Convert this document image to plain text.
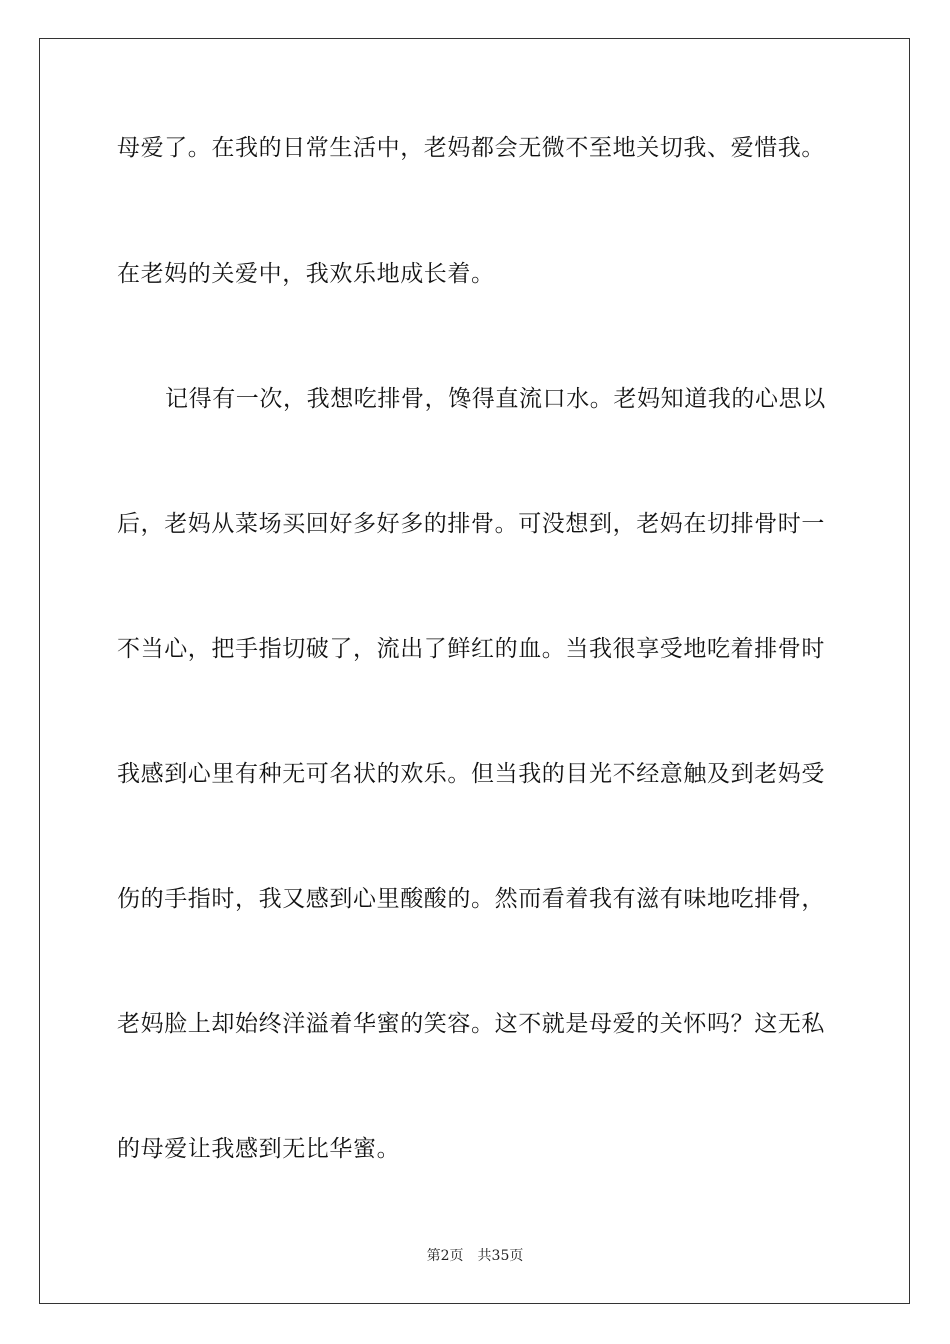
母爱了。在我的日常生活中，老妈都会无微不至地关切我、爱惜我。
在老妈的关爱中，我欢乐地成长着。
记得有一次，我想吃排骨，馋得直流口水。老妈知道我的心思以
后，老妈从菜场买回好多好多的排骨。可没想到，老妈在切排骨时一
不当心，把手指切破了，流出了鲜红的血。当我很享受地吃着排骨时
我感到心里有种无可名状的欢乐。但当我的目光不经意触及到老妈受
伤的手指时，我又感到心里酸酸的。然而看着我有滋有味地吃排骨，
老妈脸上却始终洋溢着华蜜的笑容。这不就是母爱的关怀吗？这无私
的母爱让我感到无比华蜜。
第2页 共35页
